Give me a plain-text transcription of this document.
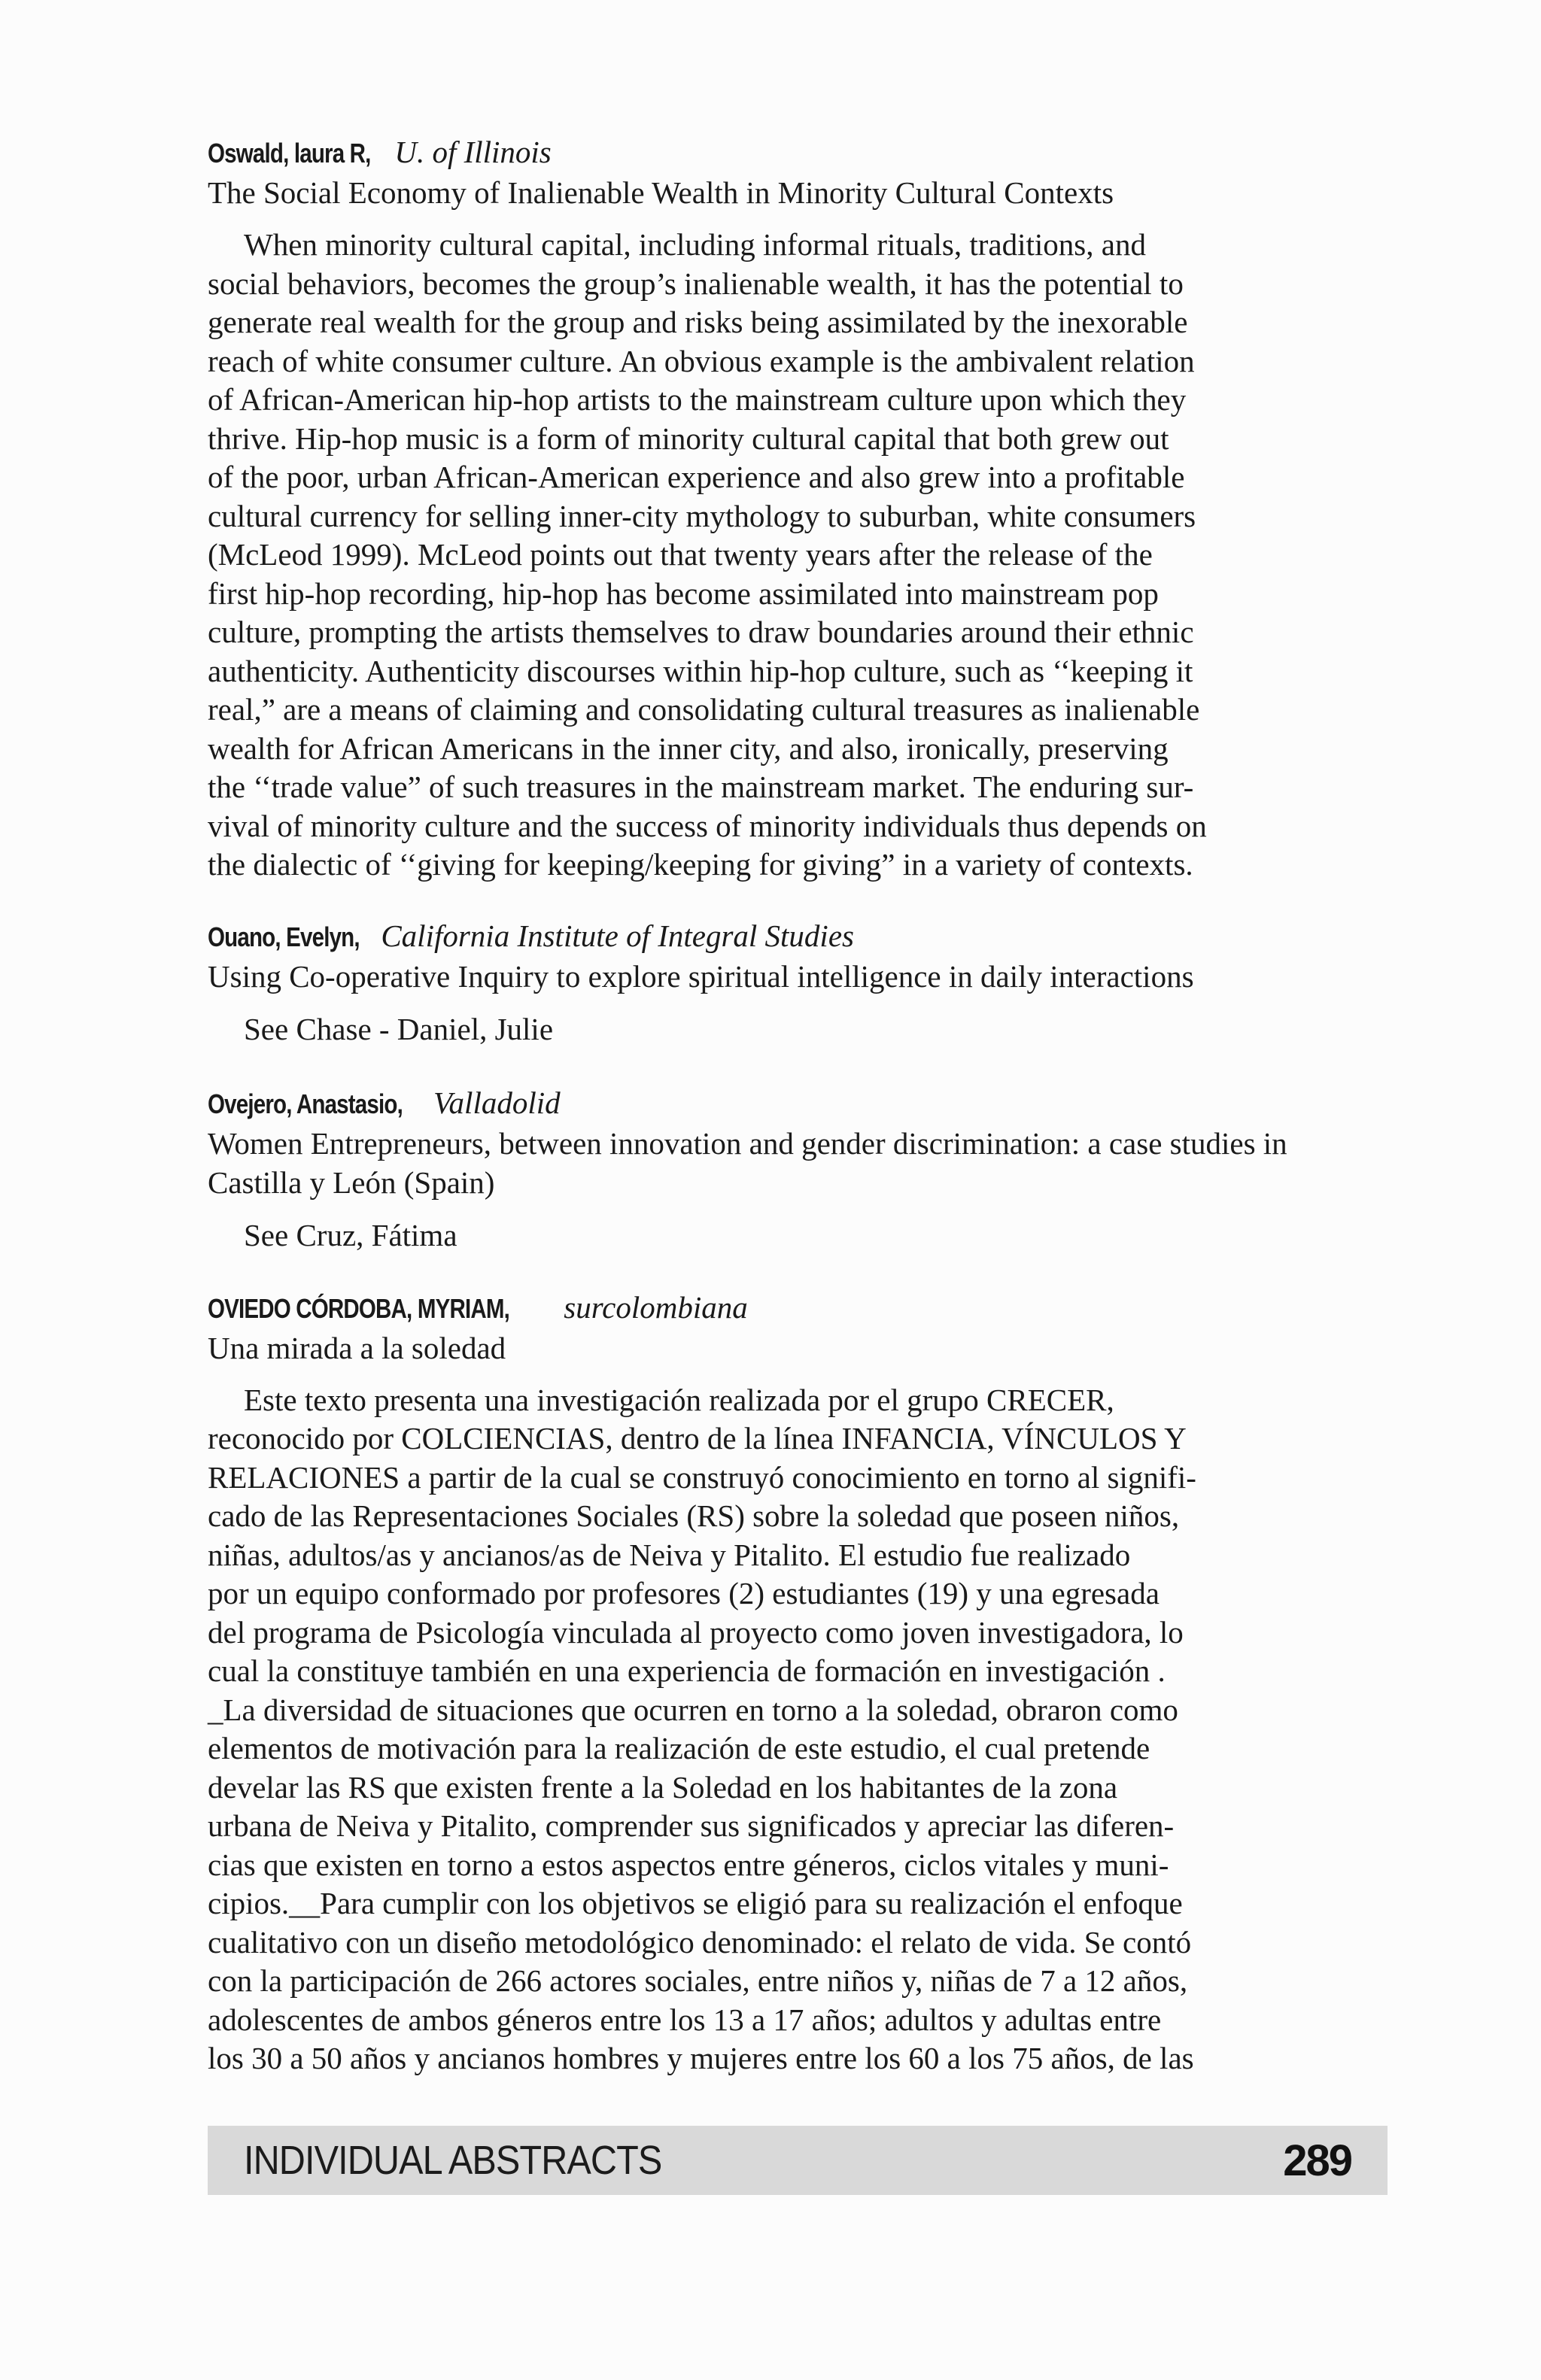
Oswald, laura R, U. of Illinois

The Social Economy of Inalienable Wealth in Minority Cultural Contexts

When minority cultural capital, including informal rituals, traditions, and
social behaviors, becomes the group’s inalienable wealth, it has the potential to
generate real wealth for the group and risks being assimilated by the inexorable
reach of white consumer culture. An obvious example is the ambivalent relation
of African-American hip-hop artists to the mainstream culture upon which they
thrive. Hip-hop music is a form of minority cultural capital that both grew out
of the poor, urban African-American experience and also grew into a profitable
cultural currency for selling inner-city mythology to suburban, white consumers
(McLeod 1999). McLeod points out that twenty years after the release of the
first hip-hop recording, hip-hop has become assimilated into mainstream pop
culture, prompting the artists themselves to draw boundaries around their ethnic
authenticity. Authenticity discourses within hip-hop culture, such as ‘‘keeping it
real,” are a means of claiming and consolidating cultural treasures as inalienable
wealth for African Americans in the inner city, and also, ironically, preserving
the ‘‘trade value” of such treasures in the mainstream market. The enduring sur-
vival of minority culture and the success of minority individuals thus depends on
the dialectic of ‘‘giving for keeping/keeping for giving” in a variety of contexts.

Ouano, Evelyn, California Institute of Integral Studies

Using Co-operative Inquiry to explore spiritual intelligence in daily interactions

See Chase - Daniel, Julie

Ovejero, Anastasio, Valladolid

Women Entrepreneurs, between innovation and gender discrimination: a case studies in Castilla y León (Spain)

See Cruz, Fátima

OVIEDO CÓRDOBA, MYRIAM, surcolombiana

Una mirada a la soledad

Este texto presenta una investigación realizada por el grupo CRECER,
reconocido por COLCIENCIAS, dentro de la línea INFANCIA, VÍNCULOS Y
RELACIONES a partir de la cual se construyó conocimiento en torno al signifi-
cado de las Representaciones Sociales (RS) sobre la soledad que poseen niños,
niñas, adultos/as y ancianos/as de Neiva y Pitalito. El estudio fue realizado
por un equipo conformado por profesores (2) estudiantes (19) y una egresada
del programa de Psicología vinculada al proyecto como joven investigadora, lo
cual la constituye también en una experiencia de formación en investigación .
_La diversidad de situaciones que ocurren en torno a la soledad, obraron como
elementos de motivación para la realización de este estudio, el cual pretende
develar las RS que existen frente a la Soledad en los habitantes de la zona
urbana de Neiva y Pitalito, comprender sus significados y apreciar las diferen-
cias que existen en torno a estos aspectos entre géneros, ciclos vitales y muni-
cipios.__Para cumplir con los objetivos se eligió para su realización el enfoque
cualitativo con un diseño metodológico denominado: el relato de vida. Se contó
con la participación de 266 actores sociales, entre niños y, niñas de 7 a 12 años,
adolescentes de ambos géneros entre los 13 a 17 años; adultos y adultas entre
los 30 a 50 años y ancianos hombres y mujeres entre los 60 a los 75 años, de las

INDIVIDUAL ABSTRACTS	289
